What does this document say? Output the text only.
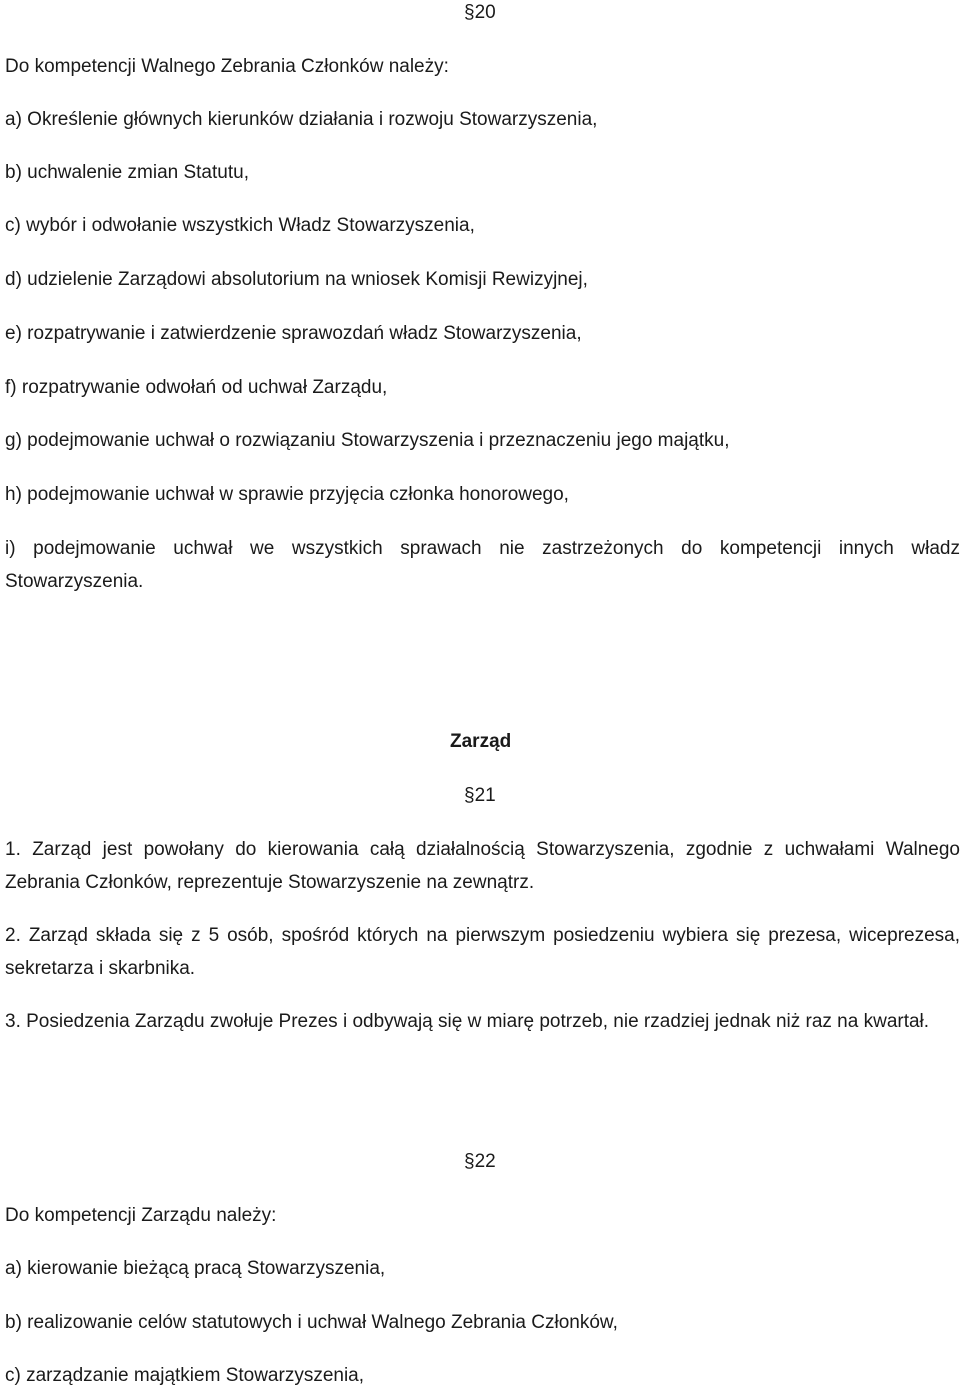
§20
Do kompetencji Walnego Zebrania Członków należy:
a) Określenie głównych kierunków działania i rozwoju Stowarzyszenia,
b) uchwalenie zmian Statutu,
c) wybór i odwołanie wszystkich Władz Stowarzyszenia,
d) udzielenie Zarządowi absolutorium na wniosek Komisji Rewizyjnej,
e) rozpatrywanie i zatwierdzenie sprawozdań władz Stowarzyszenia,
f) rozpatrywanie odwołań od uchwał Zarządu,
g) podejmowanie uchwał o rozwiązaniu Stowarzyszenia i przeznaczeniu jego majątku,
h) podejmowanie uchwał w sprawie przyjęcia członka honorowego,
i) podejmowanie uchwał we wszystkich sprawach nie zastrzeżonych do kompetencji innych władz Stowarzyszenia.
Zarząd
§21
1. Zarząd jest powołany do kierowania całą działalnością Stowarzyszenia, zgodnie z uchwałami Walnego Zebrania Członków, reprezentuje Stowarzyszenie na zewnątrz.
2. Zarząd składa się z 5 osób, spośród których na pierwszym posiedzeniu wybiera się prezesa, wiceprezesa, sekretarza i skarbnika.
3. Posiedzenia Zarządu zwołuje Prezes i odbywają się w miarę potrzeb, nie rzadziej jednak niż raz na kwartał.
§22
Do kompetencji Zarządu należy:
a) kierowanie bieżącą pracą Stowarzyszenia,
b) realizowanie celów statutowych i uchwał Walnego Zebrania Członków,
c) zarządzanie majątkiem Stowarzyszenia,
